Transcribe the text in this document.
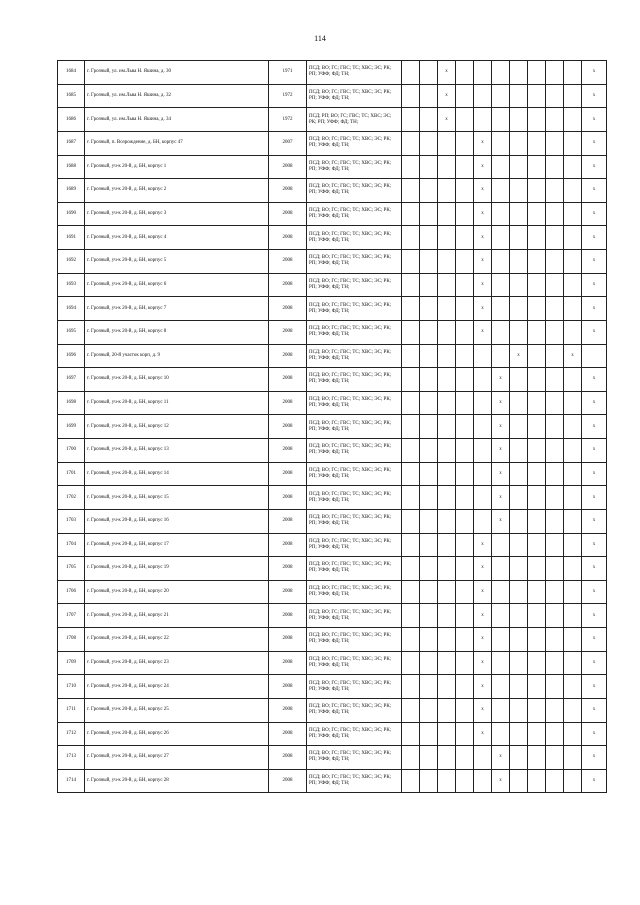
114
1684	г. Грозный, ул. им.Льва Н. Яшина, д. 30	1971	ПСД; ВО; ГС; ГВС; ТС; ХВС; ЭС; РК; РП; УФФ; ФД; ТН;			x								x
1685	г. Грозный, ул. им.Льва Н. Яшина, д. 32	1972	ПСД; ВО; ГС; ГВС; ТС; ХВС; ЭС; РК; РП; УФФ; ФД; ТН;			x								x
1686	г. Грозный, ул. им.Льва Н. Яшина, д. 34	1972	ПСД; РП; ВО; ГС; ГВС; ТС; ХВС; ЭС; РК; РП; УФФ; ФД; ТН;			x								x
1687	г. Грозный, п. Возрождение, д. БН, корпус 47	2007	ПСД; ВО; ГС; ГВС; ТС; ХВС; ЭС; РК; РП; УФФ; ФД; ТН;					x						x
1688	г. Грозный, уч-к 20-й, д. БН, корпус 1	2008	ПСД; ВО; ГС; ГВС; ТС; ХВС; ЭС; РК; РП; УФФ; ФД; ТН;					x						x
1689	г. Грозный, уч-к 20-й, д. БН, корпус 2	2008	ПСД; ВО; ГС; ГВС; ТС; ХВС; ЭС; РК; РП; УФФ; ФД; ТН;					x						x
1690	г. Грозный, уч-к 20-й, д. БН, корпус 3	2008	ПСД; ВО; ГС; ГВС; ТС; ХВС; ЭС; РК; РП; УФФ; ФД; ТН;					x						x
1691	г. Грозный, уч-к 20-й, д. БН, корпус 4	2008	ПСД; ВО; ГС; ГВС; ТС; ХВС; ЭС; РК; РП; УФФ; ФД; ТН;					x						x
1692	г. Грозный, уч-к 20-й, д. БН, корпус 5	2008	ПСД; ВО; ГС; ГВС; ТС; ХВС; ЭС; РК; РП; УФФ; ФД; ТН;					x						x
1693	г. Грозный, уч-к 20-й, д. БН, корпус 6	2008	ПСД; ВО; ГС; ГВС; ТС; ХВС; ЭС; РК; РП; УФФ; ФД; ТН;					x						x
1694	г. Грозный, уч-к 20-й, д. БН, корпус 7	2008	ПСД; ВО; ГС; ГВС; ТС; ХВС; ЭС; РК; РП; УФФ; ФД; ТН;					x						x
1695	г. Грозный, уч-к 20-й, д. БН, корпус 8	2008	ПСД; ВО; ГС; ГВС; ТС; ХВС; ЭС; РК; РП; УФФ; ФД; ТН;					x						x
1696	г. Грозный, 20-й участок корп, д. 9	2008	ПСД; ВО; ГС; ГВС; ТС; ХВС; ЭС; РК; РП; УФФ; ФД; ТН;							x			x	
1697	г. Грозный, уч-к 20-й, д. БН, корпус 10	2008	ПСД; ВО; ГС; ГВС; ТС; ХВС; ЭС; РК; РП; УФФ; ФД; ТН;						x					x
1698	г. Грозный, уч-к 20-й, д. БН, корпус 11	2008	ПСД; ВО; ГС; ГВС; ТС; ХВС; ЭС; РК; РП; УФФ; ФД; ТН;						x					x
1699	г. Грозный, уч-к 20-й, д. БН, корпус 12	2008	ПСД; ВО; ГС; ГВС; ТС; ХВС; ЭС; РК; РП; УФФ; ФД; ТН;						x					x
1700	г. Грозный, уч-к 20-й, д. БН, корпус 13	2008	ПСД; ВО; ГС; ГВС; ТС; ХВС; ЭС; РК; РП; УФФ; ФД; ТН;						x					x
1701	г. Грозный, уч-к 20-й, д. БН, корпус 14	2008	ПСД; ВО; ГС; ГВС; ТС; ХВС; ЭС; РК; РП; УФФ; ФД; ТН;						x					x
1702	г. Грозный, уч-к 20-й, д. БН, корпус 15	2008	ПСД; ВО; ГС; ГВС; ТС; ХВС; ЭС; РК; РП; УФФ; ФД; ТН;						x					x
1703	г. Грозный, уч-к 20-й, д. БН, корпус 16	2008	ПСД; ВО; ГС; ГВС; ТС; ХВС; ЭС; РК; РП; УФФ; ФД; ТН;						x					x
1704	г. Грозный, уч-к 20-й, д. БН, корпус 17	2008	ПСД; ВО; ГС; ГВС; ТС; ХВС; ЭС; РК; РП; УФФ; ФД; ТН;					x						x
1705	г. Грозный, уч-к 20-й, д. БН, корпус 19	2008	ПСД; ВО; ГС; ГВС; ТС; ХВС; ЭС; РК; РП; УФФ; ФД; ТН;					x						x
1706	г. Грозный, уч-к 20-й, д. БН, корпус 20	2008	ПСД; ВО; ГС; ГВС; ТС; ХВС; ЭС; РК; РП; УФФ; ФД; ТН;					x						x
1707	г. Грозный, уч-к 20-й, д. БН, корпус 21	2008	ПСД; ВО; ГС; ГВС; ТС; ХВС; ЭС; РК; РП; УФФ; ФД; ТН;					x						x
1708	г. Грозный, уч-к 20-й, д. БН, корпус 22	2008	ПСД; ВО; ГС; ГВС; ТС; ХВС; ЭС; РК; РП; УФФ; ФД; ТН;					x						x
1709	г. Грозный, уч-к 20-й, д. БН, корпус 23	2008	ПСД; ВО; ГС; ГВС; ТС; ХВС; ЭС; РК; РП; УФФ; ФД; ТН;					x						x
1710	г. Грозный, уч-к 20-й, д. БН, корпус 24	2008	ПСД; ВО; ГС; ГВС; ТС; ХВС; ЭС; РК; РП; УФФ; ФД; ТН;					x						x
1711	г. Грозный, уч-к 20-й, д. БН, корпус 25	2008	ПСД; ВО; ГС; ГВС; ТС; ХВС; ЭС; РК; РП; УФФ; ФД; ТН;					x						x
1712	г. Грозный, уч-к 20-й, д. БН, корпус 26	2008	ПСД; ВО; ГС; ГВС; ТС; ХВС; ЭС; РК; РП; УФФ; ФД; ТН;					x						x
1713	г. Грозный, уч-к 20-й, д. БН, корпус 27	2008	ПСД; ВО; ГС; ГВС; ТС; ХВС; ЭС; РК; РП; УФФ; ФД; ТН;						x					x
1714	г. Грозный, уч-к 20-й, д. БН, корпус 28	2008	ПСД; ВО; ГС; ГВС; ТС; ХВС; ЭС; РК; РП; УФФ; ФД; ТН;						x					x
